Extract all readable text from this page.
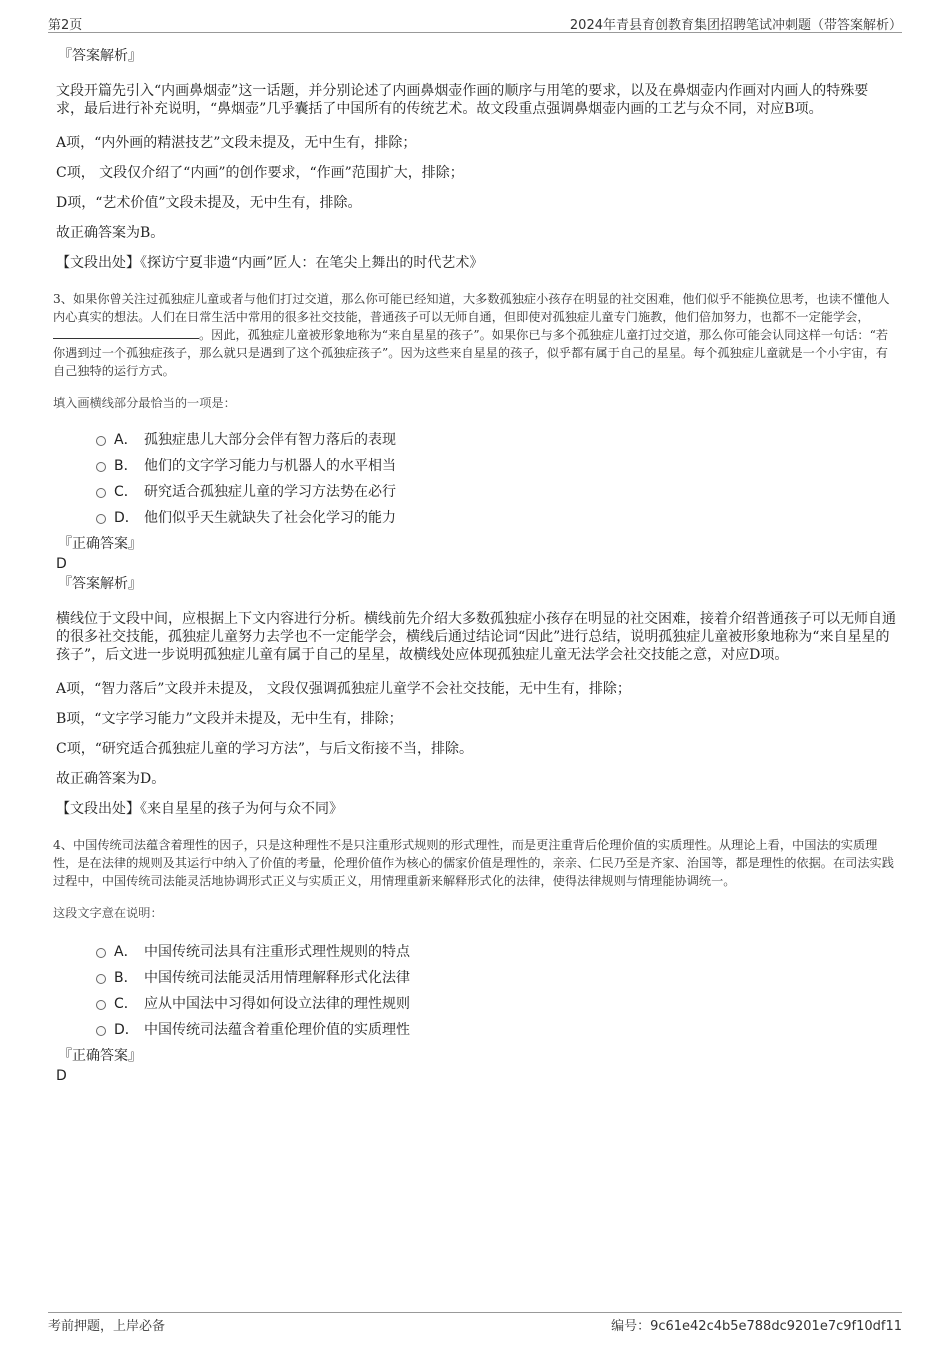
第2页	2024年青县育创教育集团招聘笔试冲刺题（带答案解析）
『答案解析』

文段开篇先引入“内画鼻烟壶”这一话题，并分别论述了内画鼻烟壶作画的顺序与用笔的要求，以及在鼻烟壶内作画对内画人的特殊要求，最后进行补充说明，“鼻烟壶”几乎囊括了中国所有的传统艺术。故文段重点强调鼻烟壶内画的工艺与众不同，对应B项。

A项，“内外画的精湛技艺”文段未提及，无中生有，排除；

C项， 文段仅介绍了“内画”的创作要求，“作画”范围扩大，排除；

D项，“艺术价值”文段未提及，无中生有，排除。

故正确答案为B。

【文段出处】《探访宁夏非遗“内画”匠人：在笔尖上舞出的时代艺术》

3、如果你曾关注过孤独症儿童或者与他们打过交道，那么你可能已经知道，大多数孤独症小孩存在明显的社交困难，他们似乎不能换位思考，也读不懂他人内心真实的想法。人们在日常生活中常用的很多社交技能，普通孩子可以无师自通，但即使对孤独症儿童专门施教，他们倍加努力，也都不一定能学会，。因此，孤独症儿童被形象地称为“来自星星的孩子”。如果你已与多个孤独症儿童打过交道，那么你可能会认同这样一句话：“若你遇到过一个孤独症孩子，那么就只是遇到了这个孤独症孩子”。因为这些来自星星的孩子，似乎都有属于自己的星星。每个孤独症儿童就是一个小宇宙，有自己独特的运行方式。

填入画横线部分最恰当的一项是：

A． 孤独症患儿大部分会伴有智力落后的表现
B． 他们的文字学习能力与机器人的水平相当
C． 研究适合孤独症儿童的学习方法势在必行
D． 他们似乎天生就缺失了社会化学习的能力
『正确答案』
D
『答案解析』

横线位于文段中间，应根据上下文内容进行分析。横线前先介绍大多数孤独症小孩存在明显的社交困难，接着介绍普通孩子可以无师自通的很多社交技能，孤独症儿童努力去学也不一定能学会，横线后通过结论词“因此”进行总结，说明孤独症儿童被形象地称为“来自星星的孩子”，后文进一步说明孤独症儿童有属于自己的星星，故横线处应体现孤独症儿童无法学会社交技能之意，对应D项。

A项，“智力落后”文段并未提及， 文段仅强调孤独症儿童学不会社交技能，无中生有，排除；

B项，“文字学习能力”文段并未提及，无中生有，排除；

C项，“研究适合孤独症儿童的学习方法”，与后文衔接不当，排除。

故正确答案为D。

【文段出处】《来自星星的孩子为何与众不同》

4、中国传统司法蕴含着理性的因子，只是这种理性不是只注重形式规则的形式理性，而是更注重背后伦理价值的实质理性。从理论上看，中国法的实质理性，是在法律的规则及其运行中纳入了价值的考量，伦理价值作为核心的儒家价值是理性的，亲亲、仁民乃至是齐家、治国等，都是理性的依据。在司法实践过程中，中国传统司法能灵活地协调形式正义与实质正义，用情理重新来解释形式化的法律，使得法律规则与情理能协调统一。

这段文字意在说明：

A． 中国传统司法具有注重形式理性规则的特点
B． 中国传统司法能灵活用情理解释形式化法律
C． 应从中国法中习得如何设立法律的理性规则
D． 中国传统司法蕴含着重伦理价值的实质理性
『正确答案』
D
考前押题，上岸必备	编号：9c61e42c4b5e788dc9201e7c9f10df11
